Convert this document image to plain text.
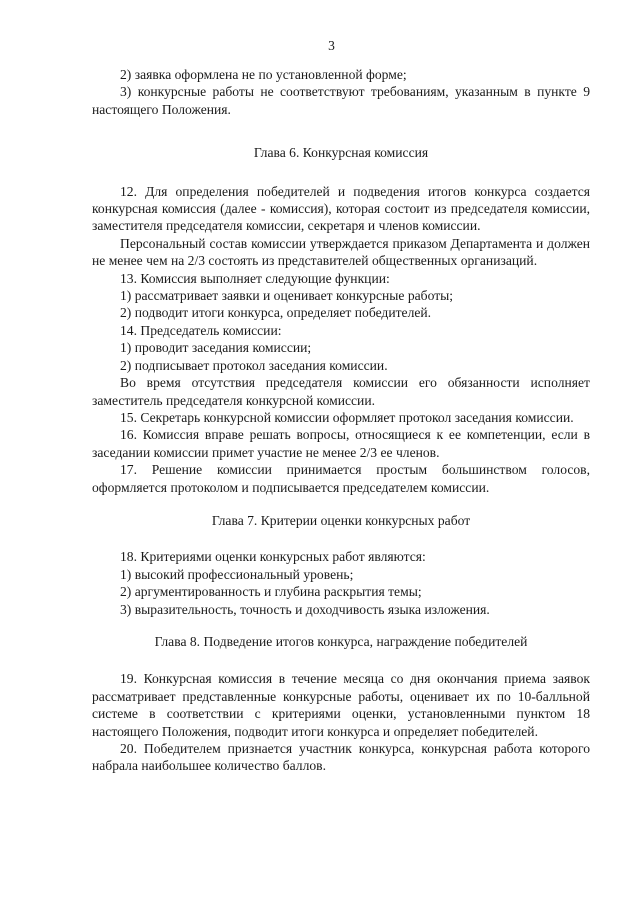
3

2) заявка оформлена не по установленной форме;

3) конкурсные работы не соответствуют требованиям, указанным в пункте 9 настоящего Положения.

Глава 6. Конкурсная комиссия

12. Для определения победителей и подведения итогов конкурса создается конкурсная комиссия (далее - комиссия), которая состоит из председателя комиссии, заместителя председателя комиссии, секретаря и членов комиссии.

Персональный состав комиссии утверждается приказом Департамента и должен не менее чем на 2/3 состоять из представителей общественных организаций.

13. Комиссия выполняет следующие функции:

1) рассматривает заявки и оценивает конкурсные работы;

2) подводит итоги конкурса, определяет победителей.

14. Председатель комиссии:

1) проводит заседания комиссии;

2) подписывает протокол заседания комиссии.

Во время отсутствия председателя комиссии его обязанности исполняет заместитель председателя конкурсной комиссии.

15. Секретарь конкурсной комиссии оформляет протокол заседания комиссии.

16. Комиссия вправе решать вопросы, относящиеся к ее компетенции, если в заседании комиссии примет участие не менее 2/3 ее членов.

17. Решение комиссии принимается простым большинством голосов, оформляется протоколом и подписывается председателем комиссии.

Глава 7. Критерии оценки конкурсных работ

18. Критериями оценки конкурсных работ являются:

1) высокий профессиональный уровень;

2) аргументированность и глубина раскрытия темы;

3) выразительность, точность и доходчивость языка изложения.

Глава 8. Подведение итогов конкурса, награждение победителей

19. Конкурсная комиссия в течение месяца со дня окончания приема заявок рассматривает представленные конкурсные работы, оценивает их по 10-балльной системе в соответствии с критериями оценки, установленными пунктом 18 настоящего Положения, подводит итоги конкурса и определяет победителей.

20. Победителем признается участник конкурса, конкурсная работа которого набрала наибольшее количество баллов.
